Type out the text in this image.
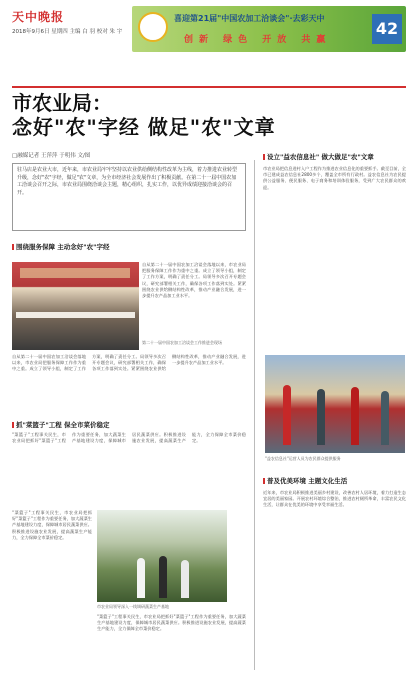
天中晚报
2018年9月6日 星期四 主编 白 羽 校对 朱 宇
喜迎第21届"中国农加工洽谈会"·去彩天中
创新 绿色 开放 共赢
42
市农业局：
念好"农"字经 做足"农"文章
□融媒记者 王萍萍 于明伟 文/图

驻马店是农业大市，近年来，市农业局牢牢坚持以农业供给侧结构性改革为主线，着力推进农业转型升级，念好"农"字经，做足"农"文章，为全市经济社会发展作出了积极贡献。在第二十一届中国农加工洽谈会召开之际，市农业局围绕洽谈会主题，精心组织，扎实工作，以优异成绩迎接洽谈会的召开。

围绕服务保障 主动念好"农"字经
第二十一届中国农加工洽谈会工作推进会现场
自从第二十一届中国农加工洽谈会落地以来，市农业局把服务保障工作作为重中之重。成立了领导小组，制定了工作方案，明确了责任分工。局领导多次召开专题会议，研究部署相关工作，确保各项工作落到实处。紧紧围绕农业供给侧结构性改革，推动产业融合发展，进一步提升农产品加工业水平。
自从第二十一届中国农加工洽谈会落地以来，市农业局把服务保障工作作为重中之重。成立了领导小组，制定了工作方案，明确了责任分工。局领导多次召开专题会议，研究部署相关工作，确保各项工作落到实处。紧紧围绕农业供给侧结构性改革，推动产业融合发展，进一步提升农产品加工业水平。
抓"菜篮子"工程 保全市菜价稳定
"菜篮子"工程事关民生，市农业局把抓好"菜篮子"工程作为重要任务，加大蔬菜生产基地建设力度，保障城市居民蔬菜供应。积极推进设施农业发展，提高蔬菜生产能力，全力保障全市菜价稳定。
"菜篮子"工程事关民生，市农业局把抓好"菜篮子"工程作为重要任务，加大蔬菜生产基地建设力度，保障城市居民蔬菜供应。积极推进设施农业发展，提高蔬菜生产能力，全力保障全市菜价稳定。
市农业局领导深入一线调研蔬菜生产基地
"菜篮子"工程事关民生，市农业局把抓好"菜篮子"工程作为重要任务，加大蔬菜生产基地建设力度，保障城市居民蔬菜供应。积极推进设施农业发展，提高蔬菜生产能力，全力保障全市菜价稳定。
设立"益农信息社" 做大做足"农"文章
市农业局把信息进村入户工程作为推进农业信息化的重要抓手。截至目前，全市已建成益农信息社2800多个，覆盖全市所有行政村。益农信息社为农民提供公益服务、便民服务、电子商务和培训体验服务，受到广大农民群众的欢迎。
"益农信息社"运营人员为农民群众提供服务
普及优美环境 主题文化生活
近年来，市农业局积极推进美丽乡村建设，改善农村人居环境，着力打造生态宜居的美丽家园。开展农村环境综合整治，推进农村厕所革命，丰富农民文化生活，让群众在优美的环境中享受幸福生活。
